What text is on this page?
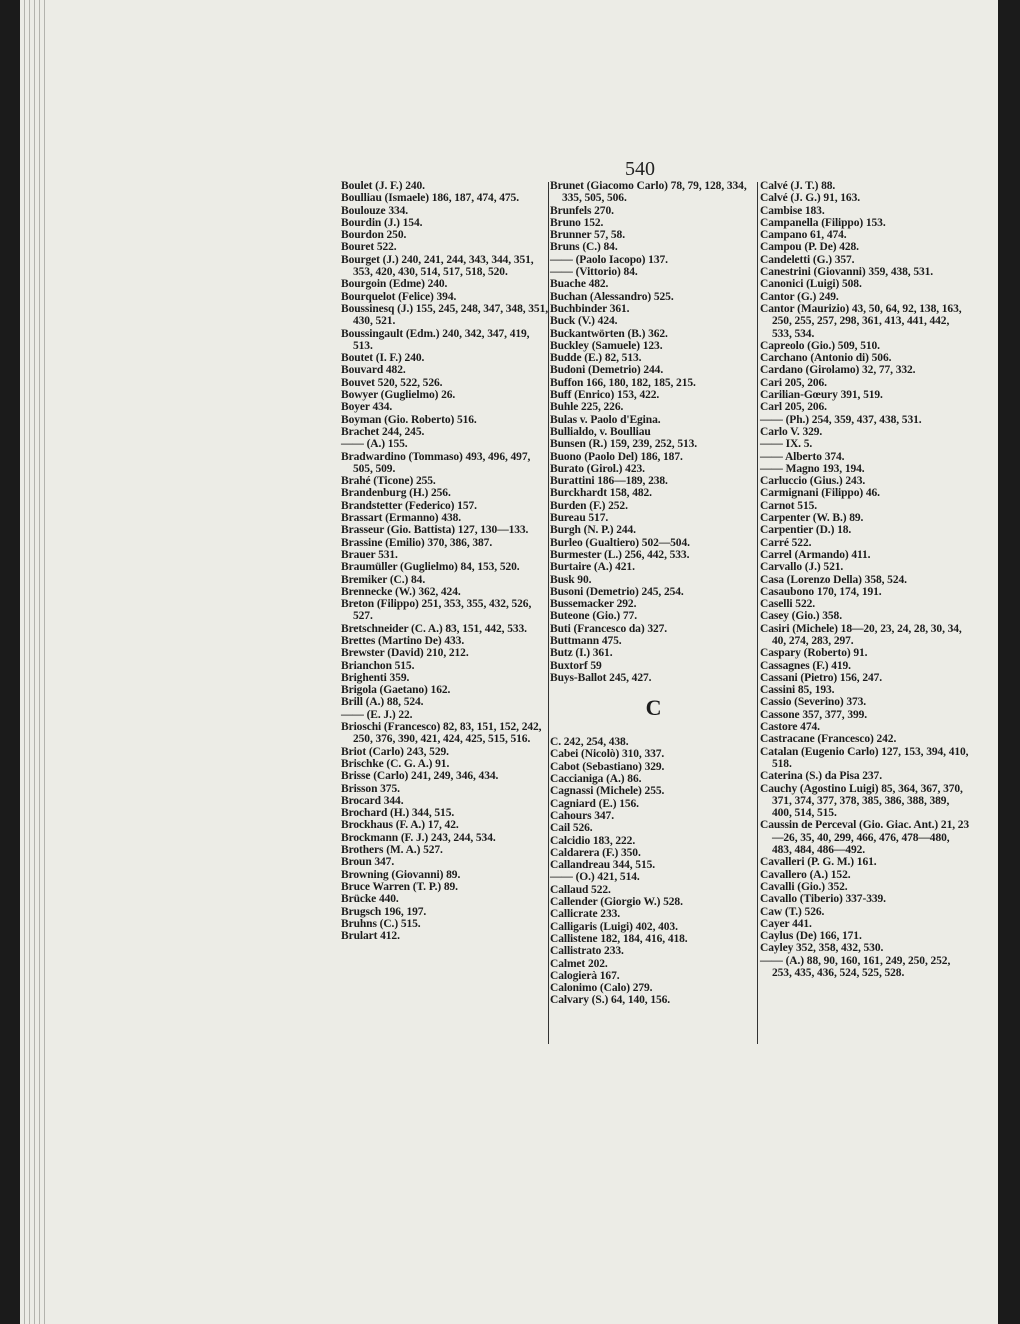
540
Boulet (J. F.) 240.
Boulliau (Ismaele) 186, 187, 474, 475.
Boulouze 334.
Bourdin (J.) 154.
Bourdon 250.
Bouret 522.
Bourget (J.) 240, 241, 244, 343, 344, 351, 353, 420, 430, 514, 517, 518, 520.
Bourgoin (Edme) 240.
Bourquelot (Felice) 394.
Boussinesq (J.) 155, 245, 248, 347, 348, 351, 430, 521.
Boussingault (Edm.) 240, 342, 347, 419, 513.
Boutet (I. F.) 240.
Bouvard 482.
Bouvet 520, 522, 526.
Bowyer (Guglielmo) 26.
Boyer 434.
Boyman (Gio. Roberto) 516.
Brachet 244, 245.
—— (A.) 155.
Bradwardino (Tommaso) 493, 496, 497, 505, 509.
Brahé (Ticone) 255.
Brandenburg (H.) 256.
Brandstetter (Federico) 157.
Brassart (Ermanno) 438.
Brasseur (Gio. Battista) 127, 130—133.
Brassine (Emilio) 370, 386, 387.
Brauer 531.
Braumüller (Guglielmo) 84, 153, 520.
Bremiker (C.) 84.
Brennecke (W.) 362, 424.
Breton (Filippo) 251, 353, 355, 432, 526, 527.
Bretschneider (C. A.) 83, 151, 442, 533.
Brettes (Martino De) 433.
Brewster (David) 210, 212.
Brianchon 515.
Brighenti 359.
Brigola (Gaetano) 162.
Brill (A.) 88, 524.
—— (E. J.) 22.
Brioschi (Francesco) 82, 83, 151, 152, 242, 250, 376, 390, 421, 424, 425, 515, 516.
Briot (Carlo) 243, 529.
Brischke (C. G. A.) 91.
Brisse (Carlo) 241, 249, 346, 434.
Brisson 375.
Brocard 344.
Brochard (H.) 344, 515.
Brockhaus (F. A.) 17, 42.
Brockmann (F. J.) 243, 244, 534.
Brothers (M. A.) 527.
Broun 347.
Browning (Giovanni) 89.
Bruce Warren (T. P.) 89.
Brücke 440.
Brugsch 196, 197.
Bruhns (C.) 515.
Brulart 412.
Brunet (Giacomo Carlo) 78, 79, 128, 334, 335, 505, 506.
Brunfels 270.
Bruno 152.
Brunner 57, 58.
Bruns (C.) 84.
—— (Paolo Iacopo) 137.
—— (Vittorio) 84.
Buache 482.
Buchan (Alessandro) 525.
Buchbinder 361.
Buck (V.) 424.
Buckantwörten (B.) 362.
Buckley (Samuele) 123.
Budde (E.) 82, 513.
Budoni (Demetrio) 244.
Buffon 166, 180, 182, 185, 215.
Buff (Enrico) 153, 422.
Buhle 225, 226.
Bulas v. Paolo d'Egina.
Bullialdo, v. Boulliau
Bunsen (R.) 159, 239, 252, 513.
Buono (Paolo Del) 186, 187.
Burato (Girol.) 423.
Burattini 186—189, 238.
Burckhardt 158, 482.
Burden (F.) 252.
Bureau 517.
Burgh (N. P.) 244.
Burleo (Gualtiero) 502—504.
Burmester (L.) 256, 442, 533.
Burtaire (A.) 421.
Busk 90.
Busoni (Demetrio) 245, 254.
Bussemacker 292.
Buteone (Gio.) 77.
Buti (Francesco da) 327.
Buttmann 475.
Butz (I.) 361.
Buxtorf 59
Buys-Ballot 245, 427.
C
C. 242, 254, 438.
Cabei (Nicolò) 310, 337.
Cabot (Sebastiano) 329.
Caccianiga (A.) 86.
Cagnassi (Michele) 255.
Cagniard (E.) 156.
Cahours 347.
Cail 526.
Calcidio 183, 222.
Caldarera (F.) 350.
Callandreau 344, 515.
—— (O.) 421, 514.
Callaud 522.
Callender (Giorgio W.) 528.
Callicrate 233.
Calligaris (Luigi) 402, 403.
Callistene 182, 184, 416, 418.
Callistrato 233.
Calmet 202.
Calogierà 167.
Calonimo (Calo) 279.
Calvary (S.) 64, 140, 156.
Calvé (J. T.) 88.
Calvé (J. G.) 91, 163.
Cambise 183.
Campanella (Filippo) 153.
Campano 61, 474.
Campou (P. De) 428.
Candeletti (G.) 357.
Canestrini (Giovanni) 359, 438, 531.
Canonici (Luigi) 508.
Cantor (G.) 249.
Cantor (Maurizio) 43, 50, 64, 92, 138, 163, 250, 255, 257, 298, 361, 413, 441, 442, 533, 534.
Capreolo (Gio.) 509, 510.
Carchano (Antonio di) 506.
Cardano (Girolamo) 32, 77, 332.
Cari 205, 206.
Carilian-Gœury 391, 519.
Carl 205, 206.
—— (Ph.) 254, 359, 437, 438, 531.
Carlo V. 329.
—— IX. 5.
—— Alberto 374.
—— Magno 193, 194.
Carluccio (Gius.) 243.
Carmignani (Filippo) 46.
Carnot 515.
Carpenter (W. B.) 89.
Carpentier (D.) 18.
Carré 522.
Carrel (Armando) 411.
Carvallo (J.) 521.
Casa (Lorenzo Della) 358, 524.
Casaubono 170, 174, 191.
Caselli 522.
Casey (Gio.) 358.
Casiri (Michele) 18—20, 23, 24, 28, 30, 34, 40, 274, 283, 297.
Caspary (Roberto) 91.
Cassagnes (F.) 419.
Cassani (Pietro) 156, 247.
Cassini 85, 193.
Cassio (Severino) 373.
Cassone 357, 377, 399.
Castore 474.
Castracane (Francesco) 242.
Catalan (Eugenio Carlo) 127, 153, 394, 410, 518.
Caterina (S.) da Pisa 237.
Cauchy (Agostino Luigi) 85, 364, 367, 370, 371, 374, 377, 378, 385, 386, 388, 389, 400, 514, 515.
Caussin de Perceval (Gio. Giac. Ant.) 21, 23—26, 35, 40, 299, 466, 476, 478—480, 483, 484, 486—492.
Cavalleri (P. G. M.) 161.
Cavallero (A.) 152.
Cavalli (Gio.) 352.
Cavallo (Tiberio) 337-339.
Caw (T.) 526.
Cayer 441.
Caylus (De) 166, 171.
Cayley 352, 358, 432, 530.
—— (A.) 88, 90, 160, 161, 249, 250, 252, 253, 435, 436, 524, 525, 528.
